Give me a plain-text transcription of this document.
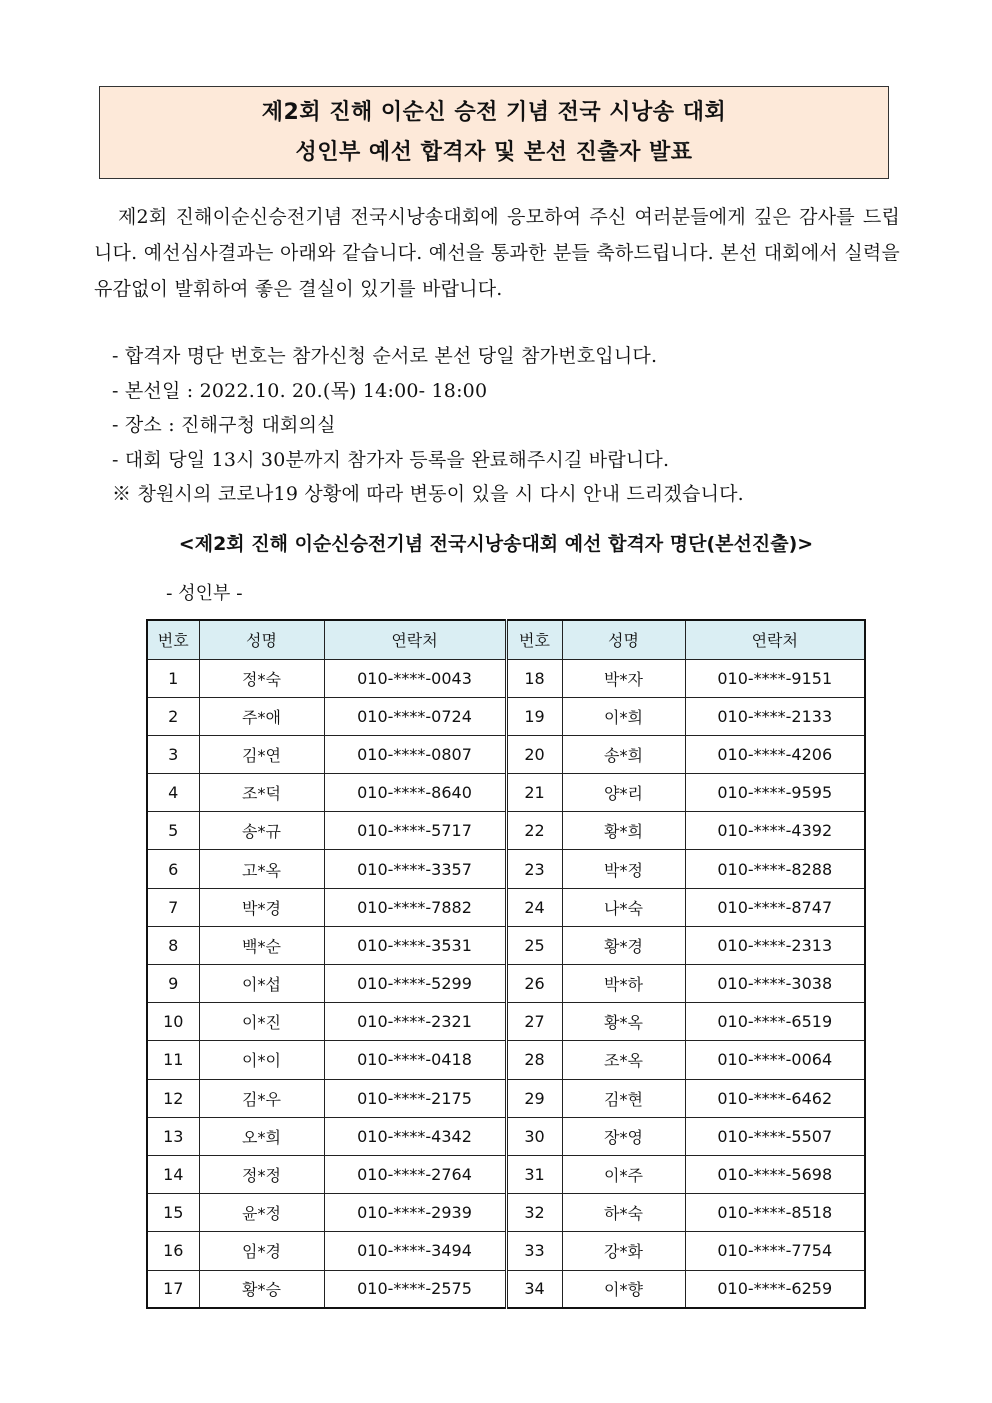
제2회 진해 이순신 승전 기념 전국 시낭송 대회
성인부 예선 합격자 및 본선 진출자 발표
제2회 진해이순신승전기념 전국시낭송대회에 응모하여 주신 여러분들에게 깊은 감사를 드립니다. 예선심사결과는 아래와 같습니다. 예선을 통과한 분들 축하드립니다. 본선 대회에서 실력을 유감없이 발휘하여 좋은 결실이 있기를 바랍니다.
- 합격자 명단 번호는 참가신청 순서로 본선 당일 참가번호입니다.
- 본선일 : 2022.10. 20.(목) 14:00- 18:00
- 장소 : 진해구청 대회의실
- 대회 당일 13시 30분까지 참가자 등록을 완료해주시길 바랍니다.
※ 창원시의 코로나19 상황에 따라 변동이 있을 시 다시 안내 드리겠습니다.
<제2회 진해 이순신승전기념 전국시낭송대회 예선 합격자 명단(본선진출)>
- 성인부 -
번호	성명	연락처	번호	성명	연락처
1	정*숙	010-****-0043	18	박*자	010-****-9151
2	주*애	010-****-0724	19	이*희	010-****-2133
3	김*연	010-****-0807	20	송*희	010-****-4206
4	조*덕	010-****-8640	21	양*리	010-****-9595
5	송*규	010-****-5717	22	황*희	010-****-4392
6	고*옥	010-****-3357	23	박*정	010-****-8288
7	박*경	010-****-7882	24	나*숙	010-****-8747
8	백*순	010-****-3531	25	황*경	010-****-2313
9	이*섭	010-****-5299	26	박*하	010-****-3038
10	이*진	010-****-2321	27	황*옥	010-****-6519
11	이*이	010-****-0418	28	조*옥	010-****-0064
12	김*우	010-****-2175	29	김*현	010-****-6462
13	오*희	010-****-4342	30	장*영	010-****-5507
14	정*정	010-****-2764	31	이*주	010-****-5698
15	윤*정	010-****-2939	32	하*숙	010-****-8518
16	임*경	010-****-3494	33	강*화	010-****-7754
17	황*승	010-****-2575	34	이*향	010-****-6259
